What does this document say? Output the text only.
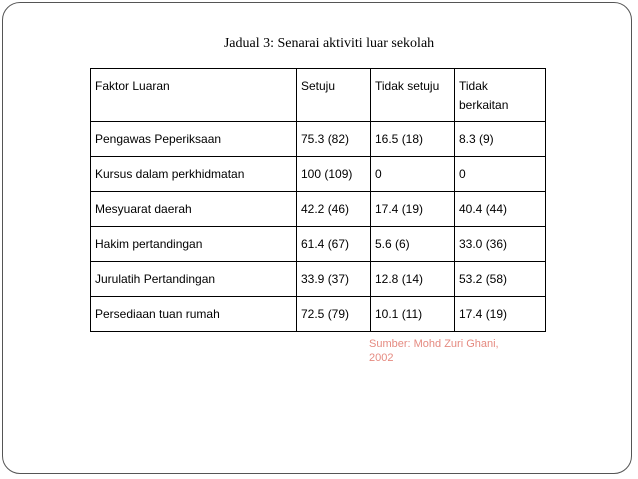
Jadual 3: Senarai aktiviti luar sekolah
Faktor Luaran	Setuju	Tidak setuju	Tidak
berkaitan
Pengawas Peperiksaan	75.3 (82)	16.5 (18)	8.3 (9)
Kursus dalam perkhidmatan	100 (109)	0	0
Mesyuarat daerah	42.2 (46)	17.4 (19)	40.4 (44)
Hakim pertandingan	61.4 (67)	5.6 (6)	33.0 (36)
Jurulatih Pertandingan	33.9 (37)	12.8 (14)	53.2 (58)
Persediaan tuan rumah	72.5 (79)	10.1 (11)	17.4 (19)
Sumber: Mohd Zuri Ghani,
2002
